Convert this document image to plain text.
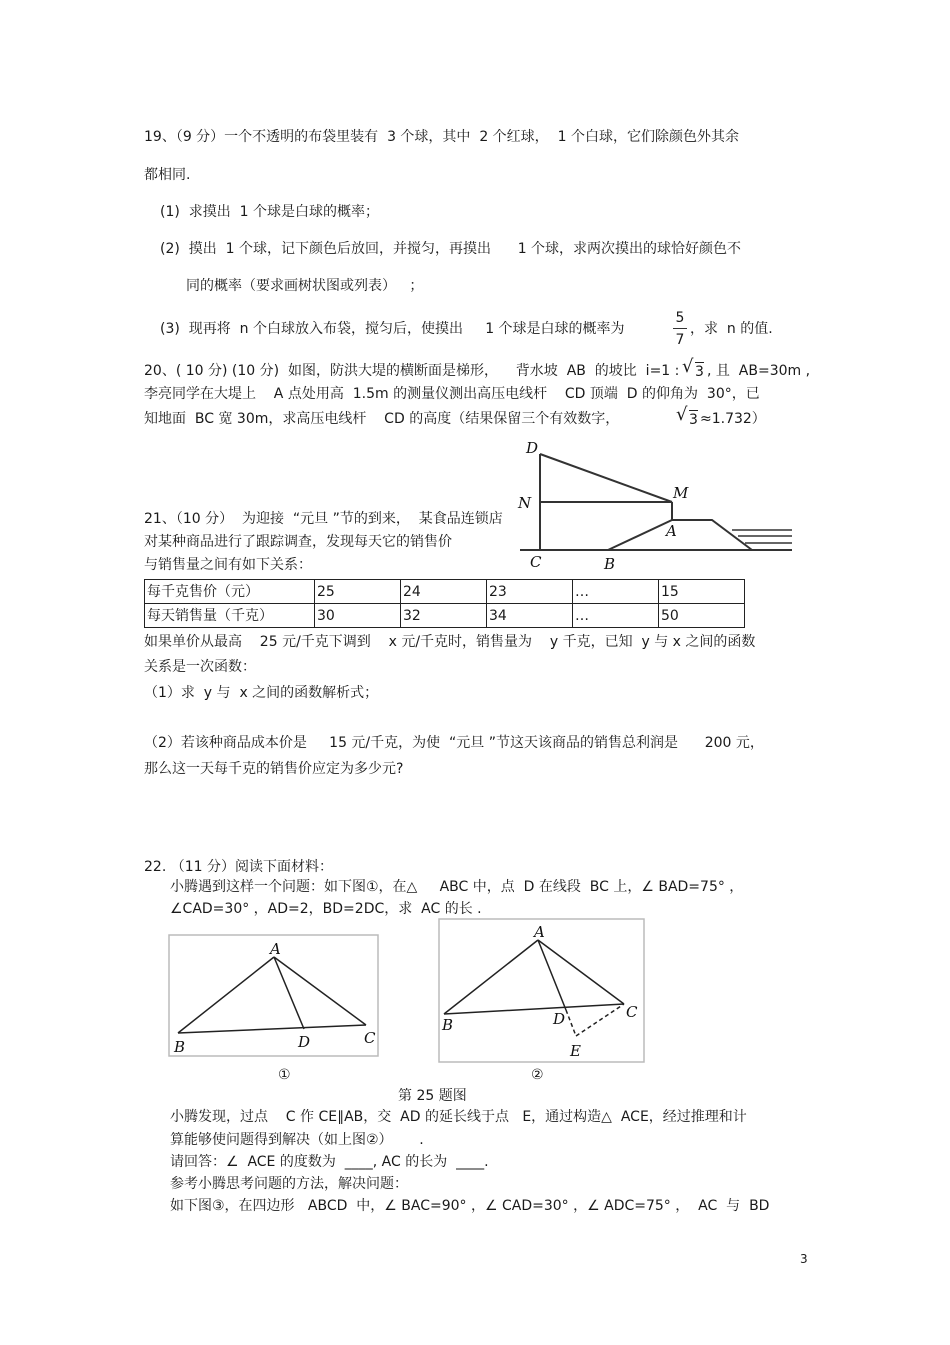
19、（9 分）一个不透明的布袋里装有  3 个球，其中  2 个红球，  1 个白球，它们除颜色外其余
都相同.
(1)  求摸出  1 个球是白球的概率；
(2)  摸出  1 个球，记下颜色后放回，并搅匀，再摸出      1 个球，求两次摸出的球恰好颜色不
同的概率（要求画树状图或列表）   ；
(3)  现再将  n 个白球放入布袋，搅匀后，使摸出     1 个球是白球的概率为
5
7
，求  n 的值.
20、( 10 分) (10 分)  如图，防洪大堤的横断面是梯形，    背水坡  AB  的坡比  i=1 : √ 3 , 且  AB=30m ,
李亮同学在大堤上    A 点处用高  1.5m 的测量仪测出高压电线杆    CD 顶端  D 的仰角为  30°，已
知地面  BC 宽 30m，求高压电线杆    CD 的高度（结果保留三个有效数字，	√ 3 ≈1.732）
D
N
M
A
C	B
21、（10 分）  为迎接  “元旦 ”节的到来，  某食品连锁店
对某种商品进行了跟踪调查，发现每天它的销售价
与销售量之间有如下关系：
每千克售价（元）	25	24	23	…	15
每天销售量（千克）	30	32	34	…	50
如果单价从最高    25 元/千克下调到    x 元/千克时，销售量为    y 千克，已知  y 与 x 之间的函数
关系是一次函数：
（1）求  y 与  x 之间的函数解析式；
（2）若该种商品成本价是     15 元/千克，为使  “元旦 ”节这天该商品的销售总利润是      200 元，
那么这一天每千克的销售价应定为多少元?
22. （11 分）阅读下面材料：
小腾遇到这样一个问题：如下图①，在△     ABC 中，点  D 在线段  BC 上，∠ BAD=75° ，
∠CAD=30° ，AD=2，BD=2DC，求  AC 的长 .
A
B	C
D
A
B
C
D
E
①	②
第 25 题图
小腾发现，过点    C 作 CE∥AB，交  AD 的延长线于点   E，通过构造△  ACE，经过推理和计
算能够使问题得到解决（如上图②）      .
请回答：∠  ACE 的度数为  ____, AC 的长为  ____.
参考小腾思考问题的方法，解决问题：
如下图③，在四边形   ABCD  中，∠ BAC=90° ，∠ CAD=30° ，∠ ADC=75° ，  AC  与  BD
3
